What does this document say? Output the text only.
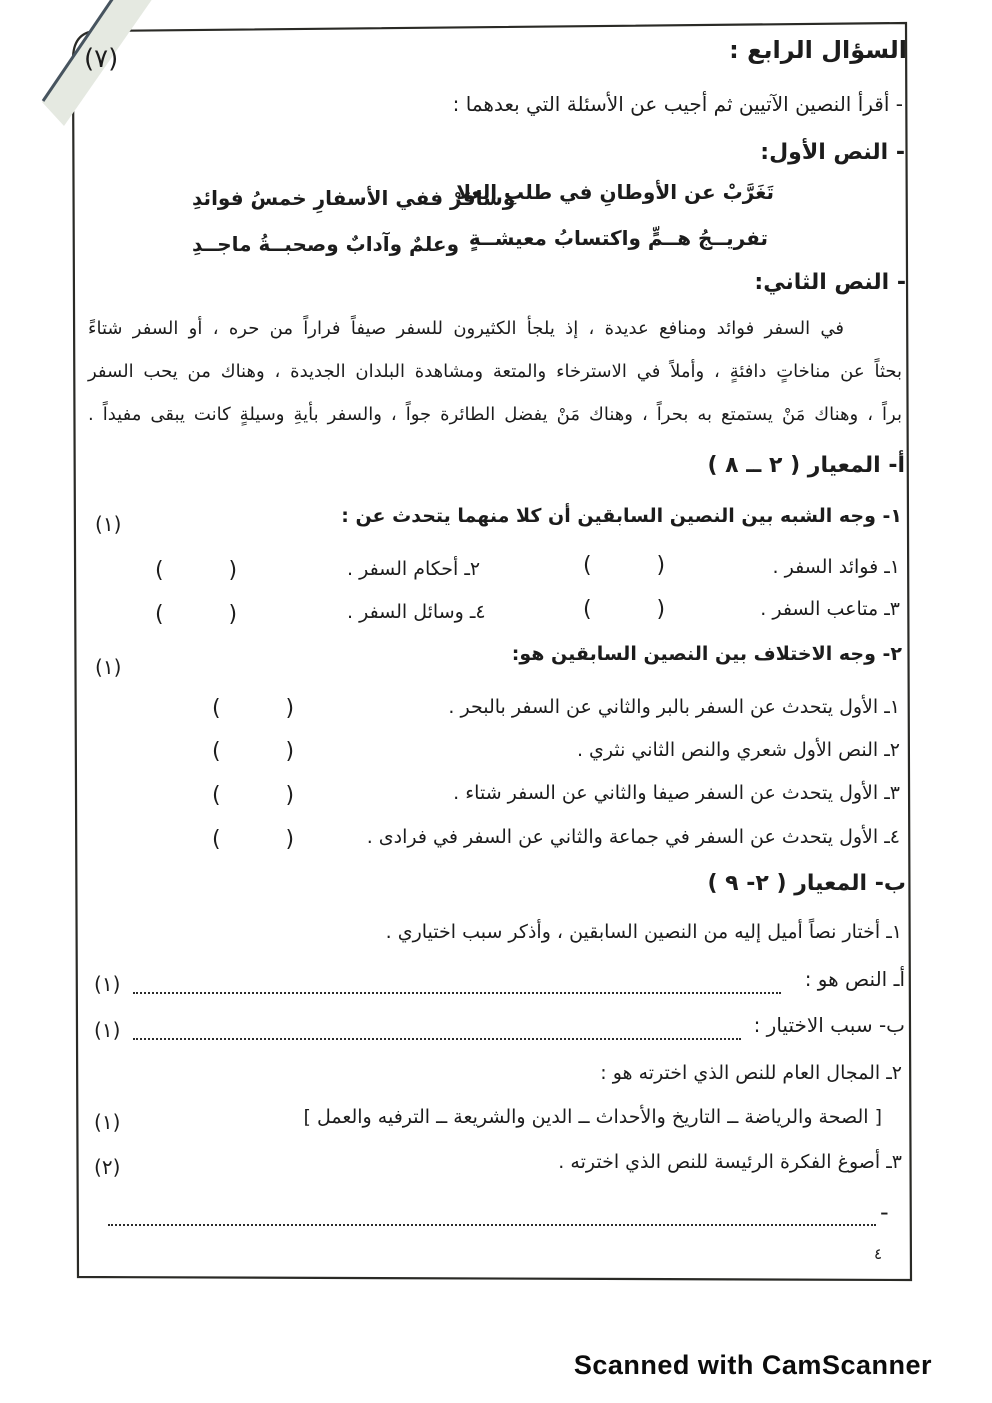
(٧)	السؤال الرابع :
- أقرأ النصين الآتيين ثم أجيب عن الأسئلة التي بعدهما :
- النص الأول:
تَغَرَّبْ عن الأوطانِ في طلبِ العلا
وسافرْ ففي الأسفارِ خمسُ فوائدِ
تفريــجُ هــمٍّ واكتسابُ معيشــةٍ
وعلمٌ وآدابٌ وصحبــةُ ماجــدِ
- النص الثاني:
في السفر فوائد ومنافع عديدة ، إذ يلجأ الكثيرون للسفر صيفاً فراراً من حره ، أو السفر شتاءً
بحثاً عن مناخاتٍ دافئةٍ ، وأملاً في الاسترخاء والمتعة ومشاهدة البلدان الجديدة ، وهناك من يحب السفر
براً ، وهناك مَنْ يستمتع به بحراً ، وهناك مَنْ يفضل الطائرة جواً ، والسفر بأيةِ وسيلةٍ كانت يبقى مفيداً .
أ- المعيار ( ٢ ــ ٨ )
١- وجه الشبه بين النصين السابقين أن كلا منهما يتحدث عن :
(١)
١ـ فوائد السفر .
(        )
٢ـ أحكام السفر .
(        )
٣ـ متاعب السفر .
(        )
٤ـ وسائل السفر .
(        )
٢- وجه الاختلاف بين النصين السابقين هو:
(١)
١ـ الأول يتحدث عن السفر بالبر والثاني عن السفر بالبحر .
(        )
٢ـ النص الأول شعري والنص الثاني نثري .
(        )
٣ـ الأول يتحدث عن السفر صيفا والثاني عن السفر شتاء .
(        )
٤ـ الأول يتحدث عن السفر في جماعة والثاني عن السفر في فرادى .
(        )
ب- المعيار ( ٢- ٩ )
١ـ أختار نصاً أميل إليه من النصين السابقين ، وأذكر سبب اختياري .
أـ النص هو :
(١)
ب- سبب الاختيار :
(١)
٢ـ المجال العام للنص الذي اخترته هو :
[ الصحة والرياضة ــ التاريخ والأحداث ــ الدين والشريعة ــ الترفيه والعمل ]
(١)
٣ـ أصوغ الفكرة الرئيسة للنص الذي اخترته .
(٢)
-
٤
Scanned with CamScanner
